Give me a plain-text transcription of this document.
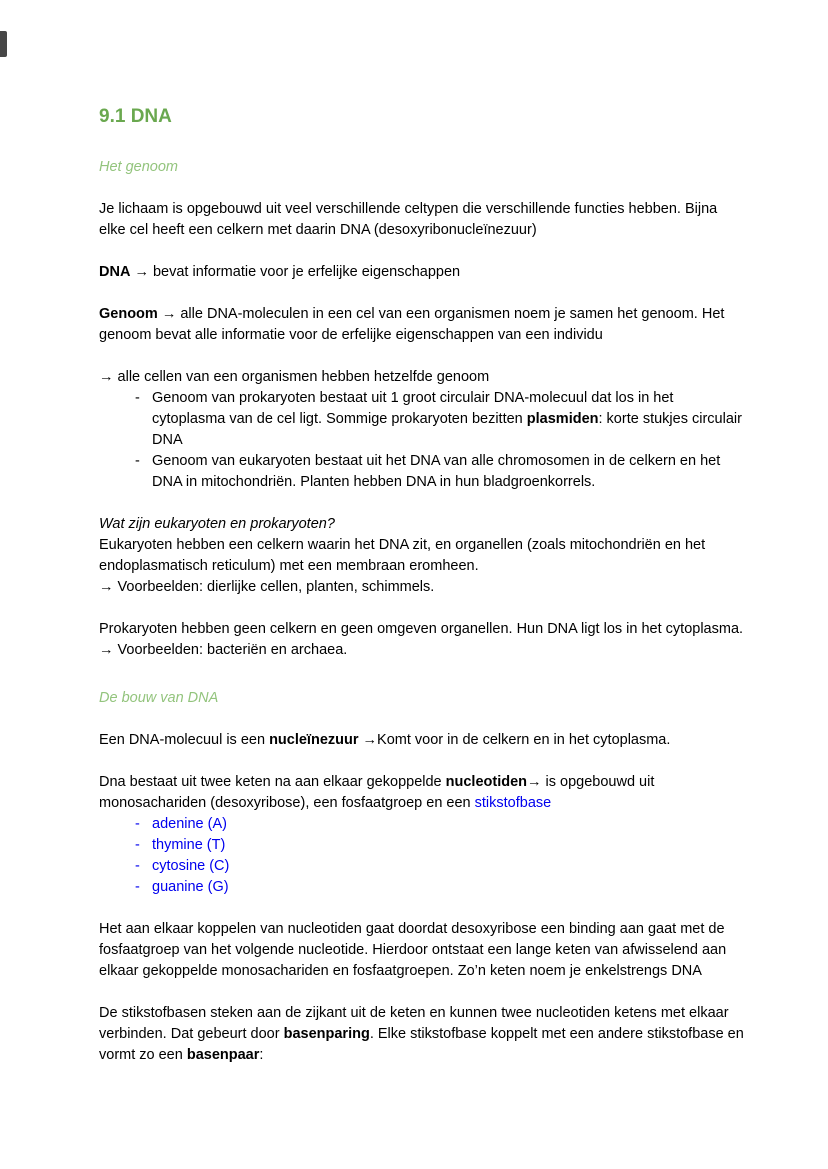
9.1 DNA
Het genoom
Je lichaam is opgebouwd uit veel verschillende celtypen die verschillende functies hebben. Bijna elke cel heeft een celkern met daarin DNA (desoxyribonucleïnezuur)
DNA → bevat informatie voor je erfelijke eigenschappen
Genoom → alle DNA-moleculen in een cel van een organismen noem je samen het genoom. Het genoom bevat alle informatie voor de erfelijke eigenschappen van een individu
→ alle cellen van een organismen hebben hetzelfde genoom
- Genoom van prokaryoten bestaat uit 1 groot circulair DNA-molecuul dat los in het cytoplasma van de cel ligt. Sommige prokaryoten bezitten plasmiden: korte stukjes circulair DNA
- Genoom van eukaryoten bestaat uit het DNA van alle chromosomen in de celkern en het DNA in mitochondriën. Planten hebben DNA in hun bladgroenkorrels.
Wat zijn eukaryoten en prokaryoten?
Eukaryoten hebben een celkern waarin het DNA zit, en organellen (zoals mitochondriën en het endoplasmatisch reticulum) met een membraan eromheen.
→ Voorbeelden: dierlijke cellen, planten, schimmels.
Prokaryoten hebben geen celkern en geen omgeven organellen. Hun DNA ligt los in het cytoplasma.
→ Voorbeelden: bacteriën en archaea.
De bouw van DNA
Een DNA-molecuul is een nucleïnezuur →Komt voor in de celkern en in het cytoplasma.
Dna bestaat uit twee keten na aan elkaar gekoppelde nucleotiden→ is opgebouwd uit monosachariden (desoxyribose), een fosfaatgroep en een stikstofbase
- adenine (A)
- thymine (T)
- cytosine (C)
- guanine (G)
Het aan elkaar koppelen van nucleotiden gaat doordat desoxyribose een binding aan gaat met de fosfaatgroep van het volgende nucleotide. Hierdoor ontstaat een lange keten van afwisselend aan elkaar gekoppelde monosachariden en fosfaatgroepen. Zo’n keten noem je enkelstrengs DNA
De stikstofbasen steken aan de zijkant uit de keten en kunnen twee nucleotiden ketens met elkaar verbinden. Dat gebeurt door basenparing. Elke stikstofbase koppelt met een andere stikstofbase en vormt zo een basenpaar:
